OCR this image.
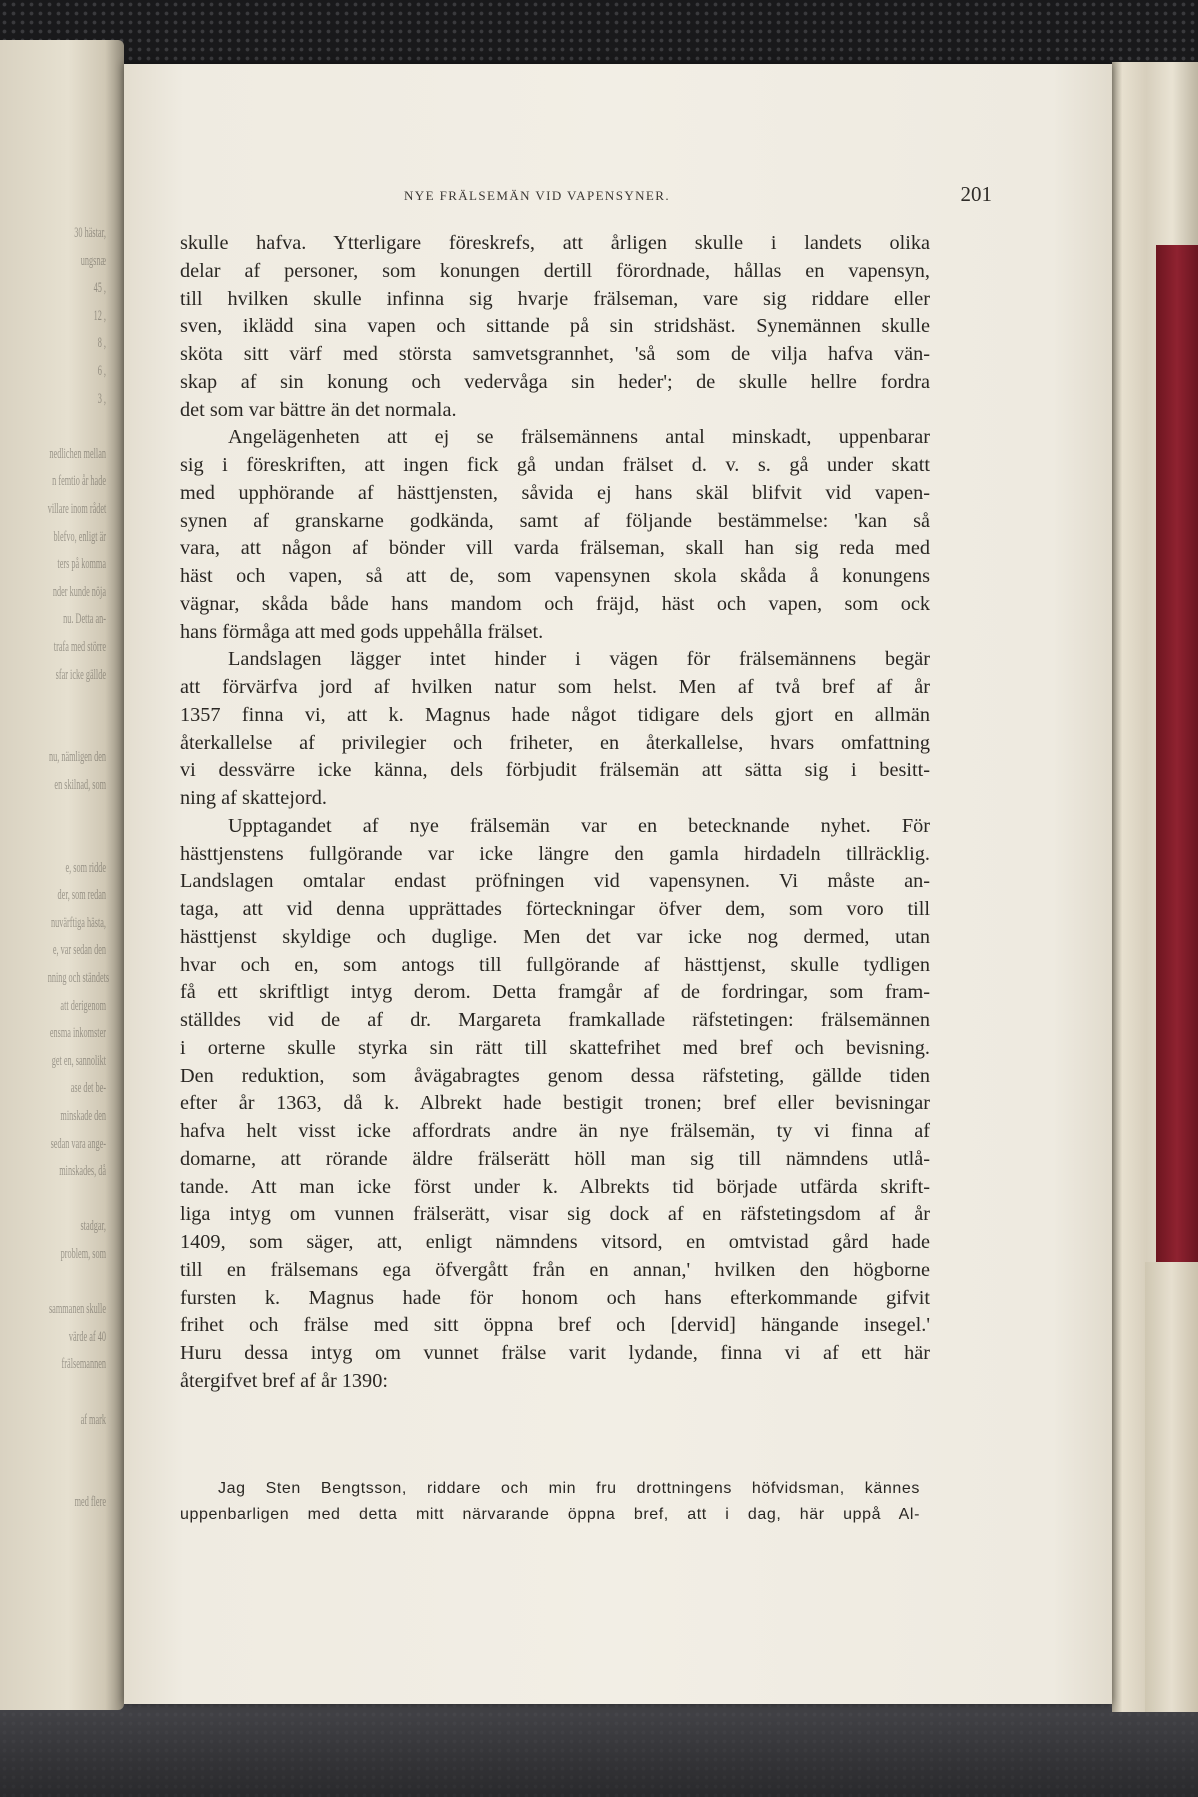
30 hästar,
ungsnæ
45 ,
12 ,
8 ,
6 ,
3 ,

nedlichen mellan
n femtio år hade
villare inom rådet
blefvo, enligt är
ters på komma
nder kunde nöja
nu. Detta an-
trafa med större
sfar icke gällde

nu, nämligen den
en skilnad, som

e, som ridde
der, som redan
nuvärftiga hästa,
e, var sedan den
nning och ständets
att derigenom
ensma inkomster
get en, sannolikt
ase det be-
minskade den
sedan vara ange-
minskades, då

stadgar,
problem, som

sammanen skulle
värde af 40
frälsemannen

af mark

med flere
NYE FRÄLSEMÄN VID VAPENSYNER.	201
skulle hafva. Ytterligare föreskrefs, att årligen skulle i landets olika
delar af personer, som konungen dertill förordnade, hållas en vapensyn,
till hvilken skulle infinna sig hvarje frälseman, vare sig riddare eller
sven, iklädd sina vapen och sittande på sin stridshäst. Synemännen skulle
sköta sitt värf med största samvetsgrannhet, 'så som de vilja hafva vän-
skap af sin konung och vedervåga sin heder'; de skulle hellre fordra
det som var bättre än det normala.
Angelägenheten att ej se frälsemännens antal minskadt, uppenbarar
sig i föreskriften, att ingen fick gå undan frälset d. v. s. gå under skatt
med upphörande af hästtjensten, såvida ej hans skäl blifvit vid vapen-
synen af granskarne godkända, samt af följande bestämmelse: 'kan så
vara, att någon af bönder vill varda frälseman, skall han sig reda med
häst och vapen, så att de, som vapensynen skola skåda å konungens
vägnar, skåda både hans mandom och fräjd, häst och vapen, som ock
hans förmåga att med gods uppehålla frälset.
Landslagen lägger intet hinder i vägen för frälsemännens begär
att förvärfva jord af hvilken natur som helst. Men af två bref af år
1357 finna vi, att k. Magnus hade något tidigare dels gjort en allmän
återkallelse af privilegier och friheter, en återkallelse, hvars omfattning
vi dessvärre icke känna, dels förbjudit frälsemän att sätta sig i besitt-
ning af skattejord.
Upptagandet af nye frälsemän var en betecknande nyhet. För
hästtjenstens fullgörande var icke längre den gamla hirdadeln tillräcklig.
Landslagen omtalar endast pröfningen vid vapensynen. Vi måste an-
taga, att vid denna upprättades förteckningar öfver dem, som voro till
hästtjenst skyldige och duglige. Men det var icke nog dermed, utan
hvar och en, som antogs till fullgörande af hästtjenst, skulle tydligen
få ett skriftligt intyg derom. Detta framgår af de fordringar, som fram-
ställdes vid de af dr. Margareta framkallade räfstetingen: frälsemännen
i orterne skulle styrka sin rätt till skattefrihet med bref och bevisning.
Den reduktion, som åvägabragtes genom dessa räfsteting, gällde tiden
efter år 1363, då k. Albrekt hade bestigit tronen; bref eller bevisningar
hafva helt visst icke affordrats andre än nye frälsemän, ty vi finna af
domarne, att rörande äldre frälserätt höll man sig till nämndens utlå-
tande. Att man icke först under k. Albrekts tid började utfärda skrift-
liga intyg om vunnen frälserätt, visar sig dock af en räfstetingsdom af år
1409, som säger, att, enligt nämndens vitsord, en omtvistad gård hade
till en frälsemans ega öfvergått från en annan,' hvilken den högborne
fursten k. Magnus hade för honom och hans efterkommande gifvit
frihet och frälse med sitt öppna bref och [dervid] hängande insegel.'
Huru dessa intyg om vunnet frälse varit lydande, finna vi af ett här
återgifvet bref af år 1390:
Jag Sten Bengtsson, riddare och min fru drottningens höfvidsman, kännes
uppenbarligen med detta mitt närvarande öppna bref, att i dag, här uppå Al-
